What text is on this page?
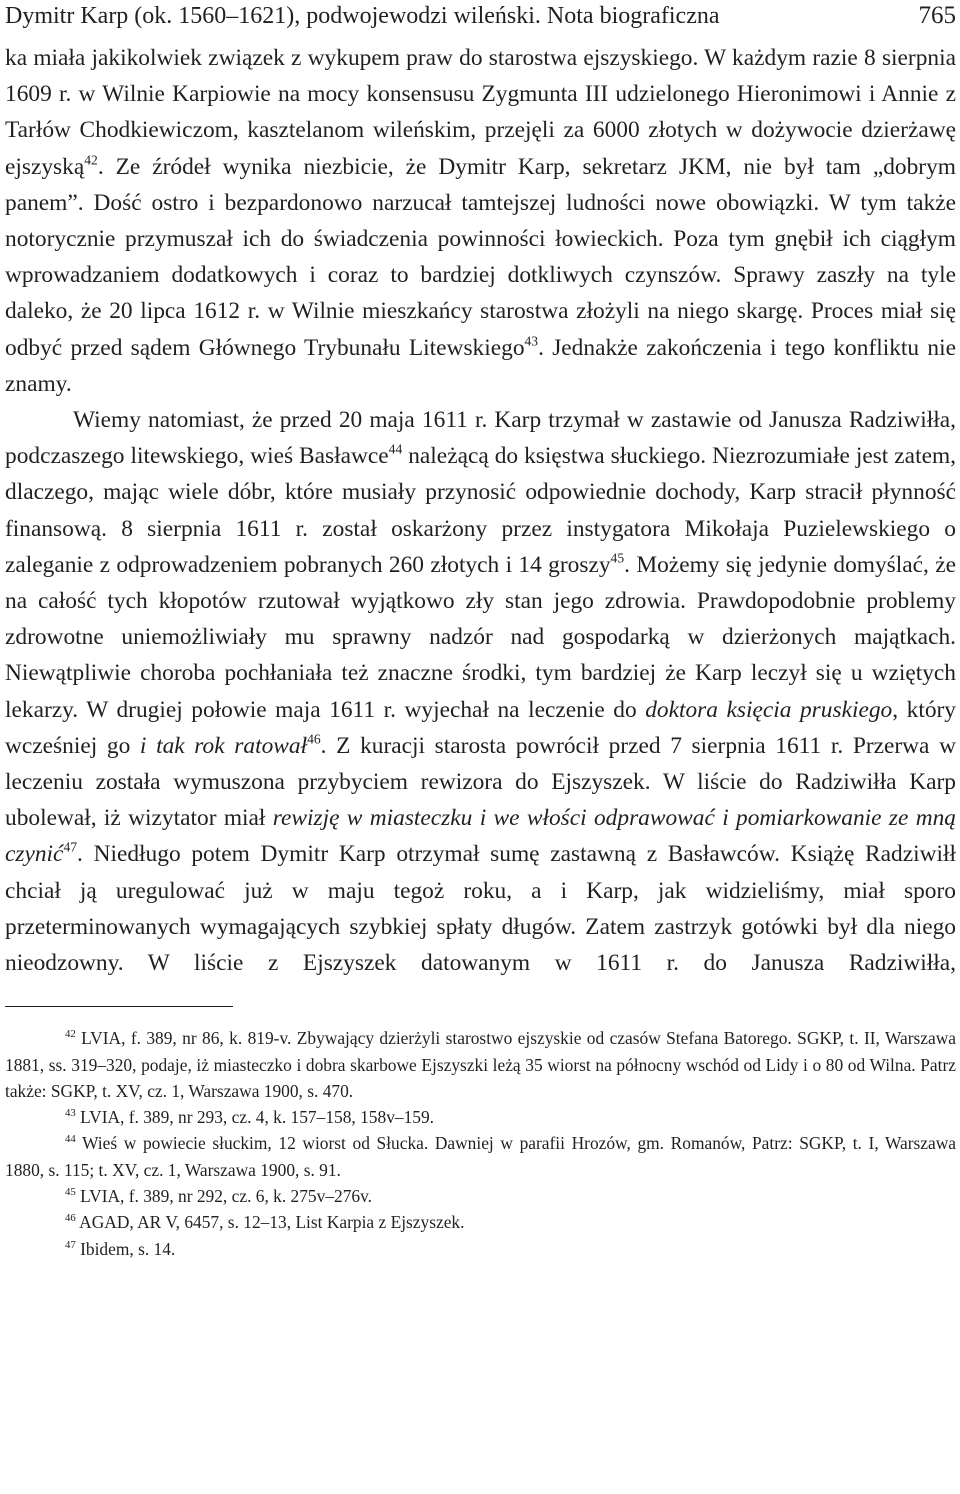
Dymitr Karp (ok. 1560–1621), podwojewodzi wileński. Nota biograficzna	765

ka miała jakikolwiek związek z wykupem praw do starostwa ejszyskiego. W każdym razie 8 sierpnia 1609 r. w Wilnie Karpiowie na mocy konsensusu Zygmunta III udzielonego Hieronimowi i Annie z Tarłów Chodkiewiczom, kasztelanom wileńskim, przejęli za 6000 złotych w dożywocie dzierżawę ejszyską$^{42}$. Ze źródeł wynika niezbicie, że Dymitr Karp, sekretarz JKM, nie był tam „dobrym panem”. Dość ostro i bezpardonowo narzucał tamtejszej ludności nowe obowiązki. W tym także notorycznie przymuszał ich do świadczenia powinności łowieckich. Poza tym gnębił ich ciągłym wprowadzaniem dodatkowych i coraz to bardziej dotkliwych czynszów. Sprawy zaszły na tyle daleko, że 20 lipca 1612 r. w Wilnie mieszkańcy starostwa złożyli na niego skargę. Proces miał się odbyć przed sądem Głównego Trybunału Litewskiego$^{43}$. Jednakże zakończenia i tego konfliktu nie znamy.

Wiemy natomiast, że przed 20 maja 1611 r. Karp trzymał w zastawie od Janusza Radziwiłła, podczaszego litewskiego, wieś Basławce$^{44}$ należącą do księstwa słuckiego. Niezrozumiałe jest zatem, dlaczego, mając wiele dóbr, które musiały przynosić odpowiednie dochody, Karp stracił płynność finansową. 8 sierpnia 1611 r. został oskarżony przez instygatora Mikołaja Puzielewskiego o zaleganie z odprowadzeniem pobranych 260 złotych i 14 groszy$^{45}$. Możemy się jedynie domyślać, że na całość tych kłopotów rzutował wyjątkowo zły stan jego zdrowia. Prawdopodobnie problemy zdrowotne uniemożliwiały mu sprawny nadzór nad gospodarką w dzierżonych majątkach. Niewątpliwie choroba pochłaniała też znaczne środki, tym bardziej że Karp leczył się u wziętych lekarzy. W drugiej połowie maja 1611 r. wyjechał na leczenie do doktora księcia pruskiego, który wcześniej go i tak rok ratował$^{46}$. Z kuracji starosta powrócił przed 7 sierpnia 1611 r. Przerwa w leczeniu została wymuszona przybyciem rewizora do Ejszyszek. W liście do Radziwiłła Karp ubolewał, iż wizytator miał rewizję w miasteczku i we włości odprawować i pomiarkowanie ze mną czynić$^{47}$. Niedługo potem Dymitr Karp otrzymał sumę zastawną z Basławców. Książę Radziwiłł chciał ją uregulować już w maju tegoż roku, a i Karp, jak widzieliśmy, miał sporo przeterminowanych wymagających szybkiej spłaty długów. Zatem zastrzyk gotówki był dla niego nieodzowny. W liście z Ejszyszek datowanym w 1611 r. do Janusza Radziwiłła,

$^{42}$ LVIA, f. 389, nr 86, k. 819-v. Zbywający dzierżyli starostwo ejszyskie od czasów Stefana Batorego. SGKP, t. II, Warszawa 1881, ss. 319–320, podaje, iż miasteczko i dobra skarbowe Ejszyszki leżą 35 wiorst na północny wschód od Lidy i o 80 od Wilna. Patrz także: SGKP, t. XV, cz. 1, Warszawa 1900, s. 470.

$^{43}$ LVIA, f. 389, nr 293, cz. 4, k. 157–158, 158v–159.

$^{44}$ Wieś w powiecie słuckim, 12 wiorst od Słucka. Dawniej w parafii Hrozów, gm. Romanów, Patrz: SGKP, t. I, Warszawa 1880, s. 115; t. XV, cz. 1, Warszawa 1900, s. 91.

$^{45}$ LVIA, f. 389, nr 292, cz. 6, k. 275v–276v.

$^{46}$ AGAD, AR V, 6457, s. 12–13, List Karpia z Ejszyszek.

$^{47}$ Ibidem, s. 14.
